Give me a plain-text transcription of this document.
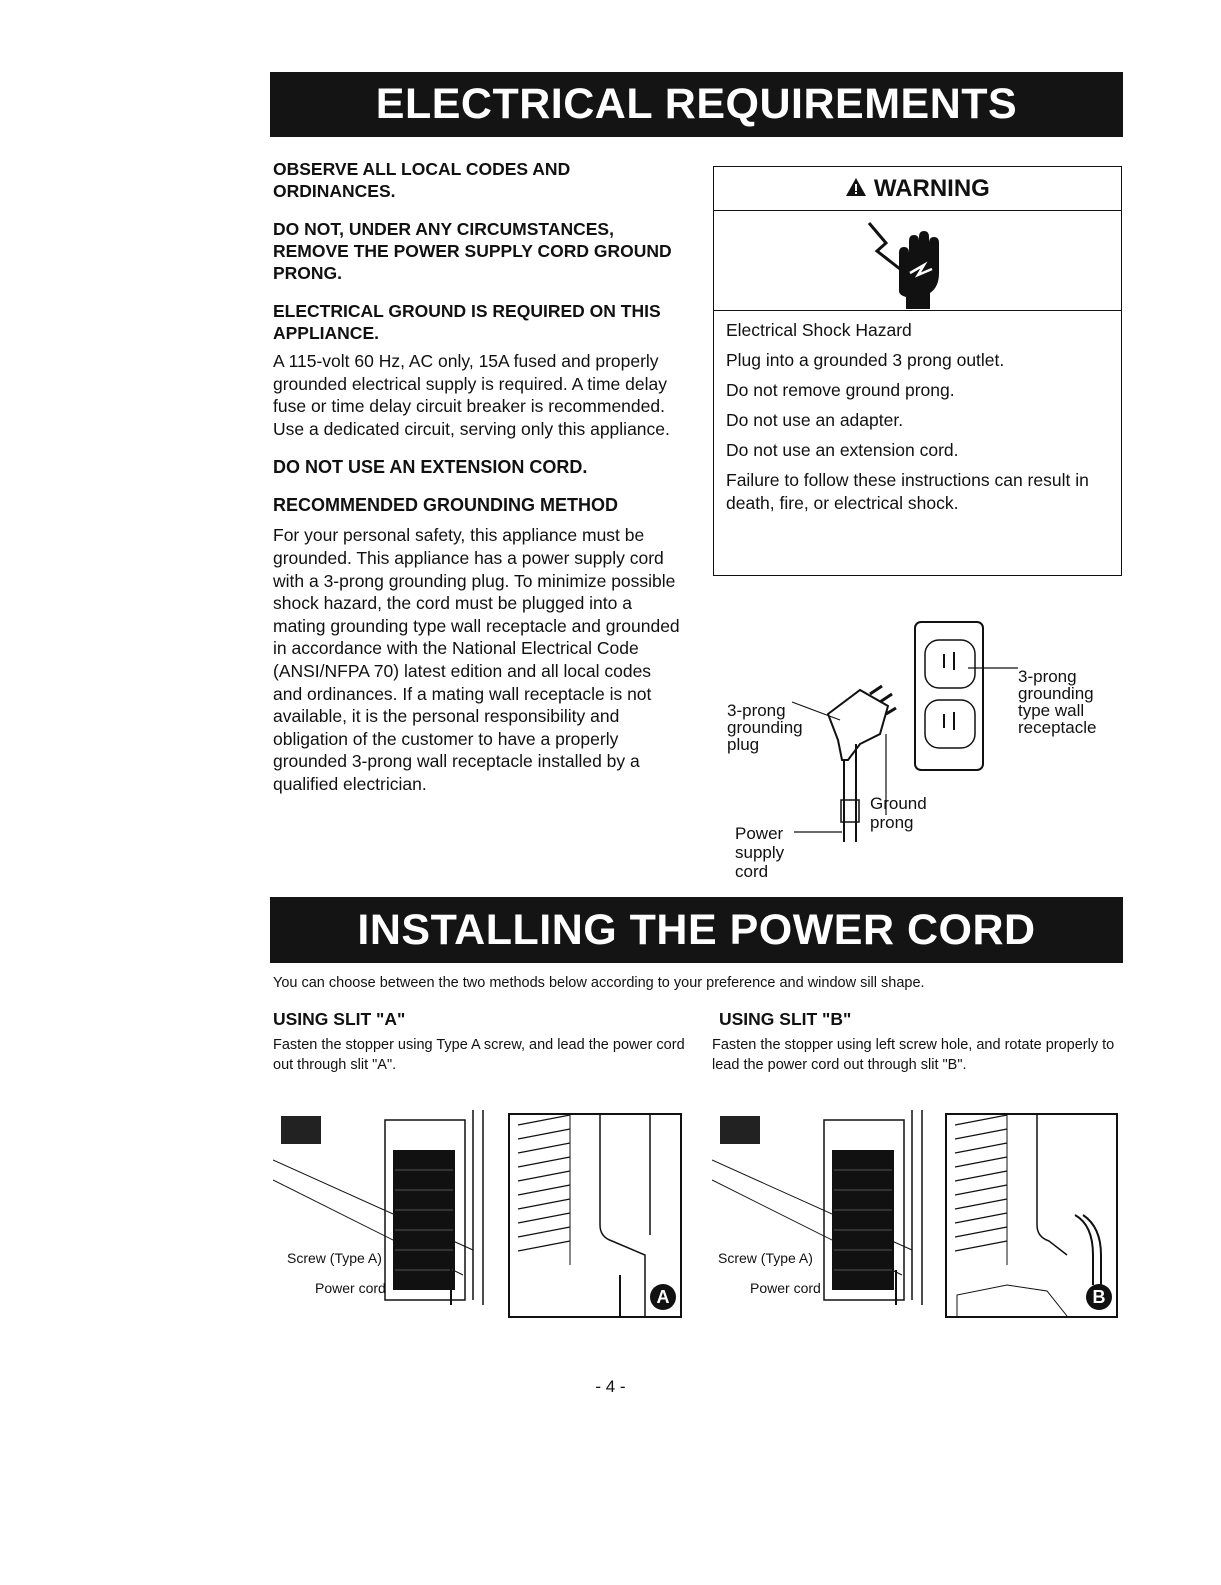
ELECTRICAL REQUIREMENTS
OBSERVE ALL LOCAL CODES AND ORDINANCES.
DO NOT, UNDER ANY CIRCUMSTANCES, REMOVE THE POWER SUPPLY CORD GROUND PRONG.
ELECTRICAL GROUND IS REQUIRED ON THIS APPLIANCE.
A 115-volt 60 Hz, AC only, 15A fused and properly grounded electrical supply is required. A time delay fuse or time delay circuit breaker is recommended. Use a dedicated circuit, serving only this appliance.
DO NOT USE AN EXTENSION CORD.
RECOMMENDED GROUNDING METHOD
For your personal safety, this appliance must be grounded. This appliance has a power supply cord with a 3-prong grounding plug. To minimize possible shock hazard, the cord must be plugged into a mating grounding type wall receptacle and grounded in accordance with the National Electrical Code (ANSI/NFPA 70) latest edition and all local codes and ordinances. If a mating wall receptacle is not available, it is the personal responsibility and obligation of the customer to have a properly grounded 3-prong wall receptacle installed by a qualified electrician.
WARNING
Electrical Shock Hazard
Plug into a grounded 3 prong outlet.
Do not remove ground prong.
Do not use an adapter.
Do not use an extension cord.
Failure to follow these instructions can result in death, fire, or electrical shock.
3-prong
grounding
plug
3-prong
grounding
type wall
receptacle
Ground
prong
Power
supply
cord
INSTALLING THE POWER CORD
You can choose between the two methods below according to your preference and window sill shape.
USING SLIT "A"
Fasten the stopper using Type A screw, and lead the power cord out through slit "A".
USING SLIT "B"
Fasten the stopper using left screw hole, and rotate properly to lead the power cord out through slit "B".
Screw (Type A)
Power cord	A
Screw (Type A)
Power cord	B
- 4 -
